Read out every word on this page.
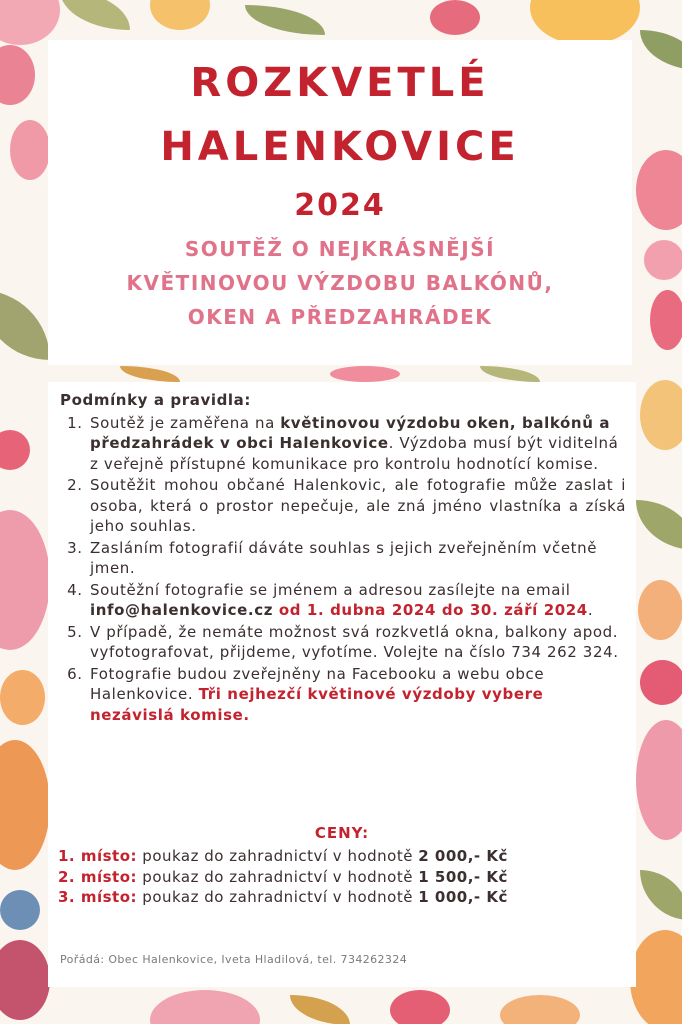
ROZKVETLÉ
HALENKOVICE
2024
SOUTĚŽ O NEJKRÁSNĚJŠÍ
KVĚTINOVOU VÝZDOBU BALKÓNŮ,
OKEN A PŘEDZAHRÁDEK
Podmínky a pravidla:
1. Soutěž je zaměřena na květinovou výzdobu oken, balkónů a předzahrádek v obci Halenkovice. Výzdoba musí být viditelná z veřejně přístupné komunikace pro kontrolu hodnotící komise.
2. Soutěžit mohou občané Halenkovic, ale fotografie může zaslat i osoba, která o prostor nepečuje, ale zná jméno vlastníka a získá jeho souhlas.
3. Zasláním fotografií dáváte souhlas s jejich zveřejněním včetně jmen.
4. Soutěžní fotografie se jménem a adresou zasílejte na email info@halenkovice.cz od 1. dubna 2024 do 30. září 2024.
5. V případě, že nemáte možnost svá rozkvetlá okna, balkony apod. vyfotografovat, přijdeme, vyfotíme. Volejte na číslo 734 262 324.
6. Fotografie budou zveřejněny na Facebooku a webu obce Halenkovice. Tři nejhezčí květinové výzdoby vybere nezávislá komise.
CENY:
1. místo: poukaz do zahradnictví v hodnotě 2 000,- Kč
2. místo: poukaz do zahradnictví v hodnotě 1 500,- Kč
3. místo: poukaz do zahradnictví v hodnotě 1 000,- Kč
Pořádá: Obec Halenkovice, Iveta Hladilová, tel. 734262324
